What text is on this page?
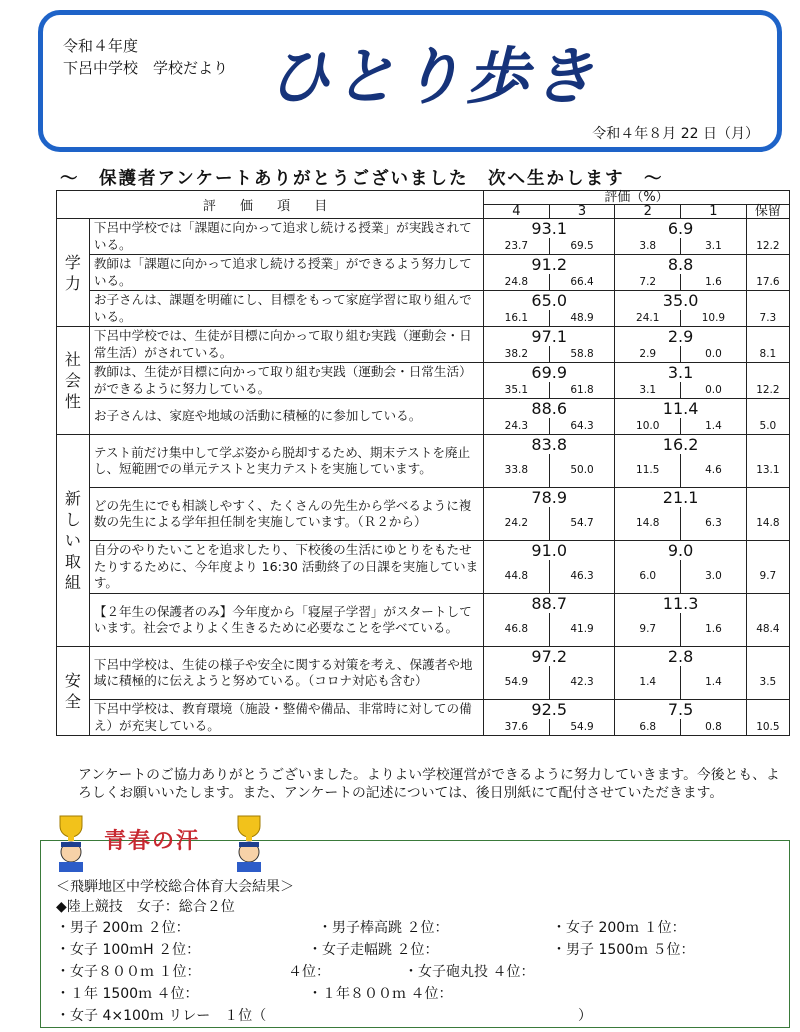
令和４年度
下呂中学校　学校だより ひとり歩き
令和４年８月 22 日（月）
～　保護者アンケートありがとうございました　次へ生かします　～
評 価 項 目		評価（%）				
		4	3	2	1	保留

学
力	下呂中学校では「課題に向かって追求し続ける授業」が実践されている。	93.1		6.9		
		23.7	69.5	3.8	3.1	12.2
	教師は「課題に向かって追求し続ける授業」ができるよう努力している。	91.2		8.8		
		24.8	66.4	7.2	1.6	17.6
	お子さんは、課題を明確にし、目標をもって家庭学習に取り組んでいる。	65.0		35.0		
		16.1	48.9	24.1	10.9	7.3

社
会
性	下呂中学校では、生徒が目標に向かって取り組む実践（運動会・日常生活）がされている。	97.1		2.9		
		38.2	58.8	2.9	0.0	8.1
	教師は、生徒が目標に向かって取り組む実践（運動会・日常生活）ができるように努力している。	69.9		3.1		
		35.1	61.8	3.1	0.0	12.2
	お子さんは、家庭や地域の活動に積極的に参加している。	88.6		11.4		
		24.3	64.3	10.0	1.4	5.0

新
し
い
取
組	テスト前だけ集中して学ぶ姿から脱却するため、期末テストを廃止し、短範囲での単元テストと実力テストを実施しています。	83.8		16.2		
		33.8	50.0	11.5	4.6	13.1
	どの先生にでも相談しやすく、たくさんの先生から学べるように複数の先生による学年担任制を実施しています。（Ｒ２から）	78.9		21.1		
		24.2	54.7	14.8	6.3	14.8
	自分のやりたいことを追求したり、下校後の生活にゆとりをもたせたりするために、今年度より 16:30 活動終了の日課を実施しています。	91.0		9.0		
		44.8	46.3	6.0	3.0	9.7
	【２年生の保護者のみ】今年度から「寝屋子学習」がスタートしています。社会でよりよく生きるために必要なことを学べている。	88.7		11.3		
		46.8	41.9	9.7	1.6	48.4

安
全	下呂中学校は、生徒の様子や安全に関する対策を考え、保護者や地域に積極的に伝えようと努めている。（コロナ対応も含む）	97.2		2.8		
		54.9	42.3	1.4	1.4	3.5
	下呂中学校は、教育環境（施設・整備や備品、非常時に対しての備え）が充実している。	92.5		7.5		
		37.6	54.9	6.8	0.8	10.5
アンケートのご協力ありがとうございました。よりよい学校運営ができるように努力していきます。今後とも、よろしくお願いいたします。また、アンケートの記述については、後日別紙にて配付させていただきます。
青春の汗
＜飛騨地区中学校総合体育大会結果＞
◆陸上競技　女子：総合２位
・男子 200ｍ ２位：	・男子棒高跳 ２位：	・女子 200ｍ １位：
・女子 100ｍH ２位：	・女子走幅跳 ２位：	・男子 1500ｍ ５位：
・女子８００ｍ １位：	４位：	・女子砲丸投 ４位：
・１年 1500ｍ ４位：	・１年８００ｍ ４位：
・女子 4×100ｍ リレー　１位（	）
